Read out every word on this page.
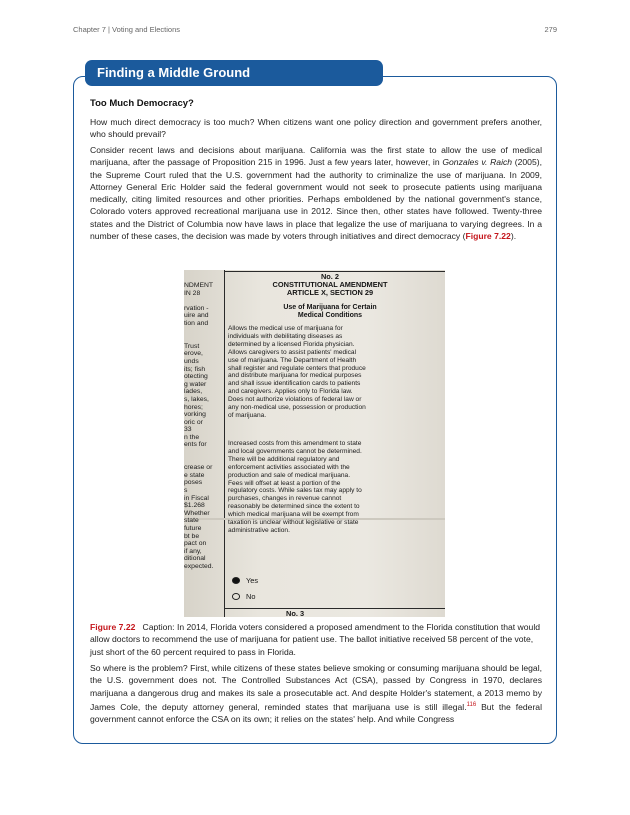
Chapter 7 | Voting and Elections	279
Finding a Middle Ground
Too Much Democracy?

How much direct democracy is too much? When citizens want one policy direction and government prefers another, who should prevail?

Consider recent laws and decisions about marijuana. California was the first state to allow the use of medical marijuana, after the passage of Proposition 215 in 1996. Just a few years later, however, in Gonzales v. Raich (2005), the Supreme Court ruled that the U.S. government had the authority to criminalize the use of marijuana. In 2009, Attorney General Eric Holder said the federal government would not seek to prosecute patients using marijuana medically, citing limited resources and other priorities. Perhaps emboldened by the national government's stance, Colorado voters approved recreational marijuana use in 2012. Since then, other states have followed. Twenty-three states and the District of Columbia now have laws in place that legalize the use of marijuana to varying degrees. In a number of these cases, the decision was made by voters through initiatives and direct democracy (Figure 7.22).

NDMENT
IN 28

rvation -
uire and
tion and

Trust
erove,
unds
its; fish
otecting
g water
lades,
s, lakes,
hores;
vorking
oric or
33
n the
ents for

crease or
e state
poses
s
in Fiscal
$1.268
Whether
state
future
bt be
pact on
if any,
ditional
expected.
No. 2
CONSTITUTIONAL AMENDMENT
ARTICLE X, SECTION 29
Use of Marijuana for Certain
Medical Conditions
Allows the medical use of marijuana for individuals with debilitating diseases as determined by a licensed Florida physician. Allows caregivers to assist patients' medical use of marijuana. The Department of Health shall register and regulate centers that produce and distribute marijuana for medical purposes and shall issue identification cards to patients and caregivers. Applies only to Florida law. Does not authorize violations of federal law or any non-medical use, possession or production of marijuana.
Increased costs from this amendment to state and local governments cannot be determined. There will be additional regulatory and enforcement activities associated with the production and sale of medical marijuana. Fees will offset at least a portion of the regulatory costs. While sales tax may apply to purchases, changes in revenue cannot reasonably be determined since the extent to which medical marijuana will be exempt from taxation is unclear without legislative or state administrative action.
Yes
No
No. 3
Figure 7.22 Caption: In 2014, Florida voters considered a proposed amendment to the Florida constitution that would allow doctors to recommend the use of marijuana for patient use. The ballot initiative received 58 percent of the vote, just short of the 60 percent required to pass in Florida.

So where is the problem? First, while citizens of these states believe smoking or consuming marijuana should be legal, the U.S. government does not. The Controlled Substances Act (CSA), passed by Congress in 1970, declares marijuana a dangerous drug and makes its sale a prosecutable act. And despite Holder's statement, a 2013 memo by James Cole, the deputy attorney general, reminded states that marijuana use is still illegal.$^{116}$ But the federal government cannot enforce the CSA on its own; it relies on the states' help. And while Congress
